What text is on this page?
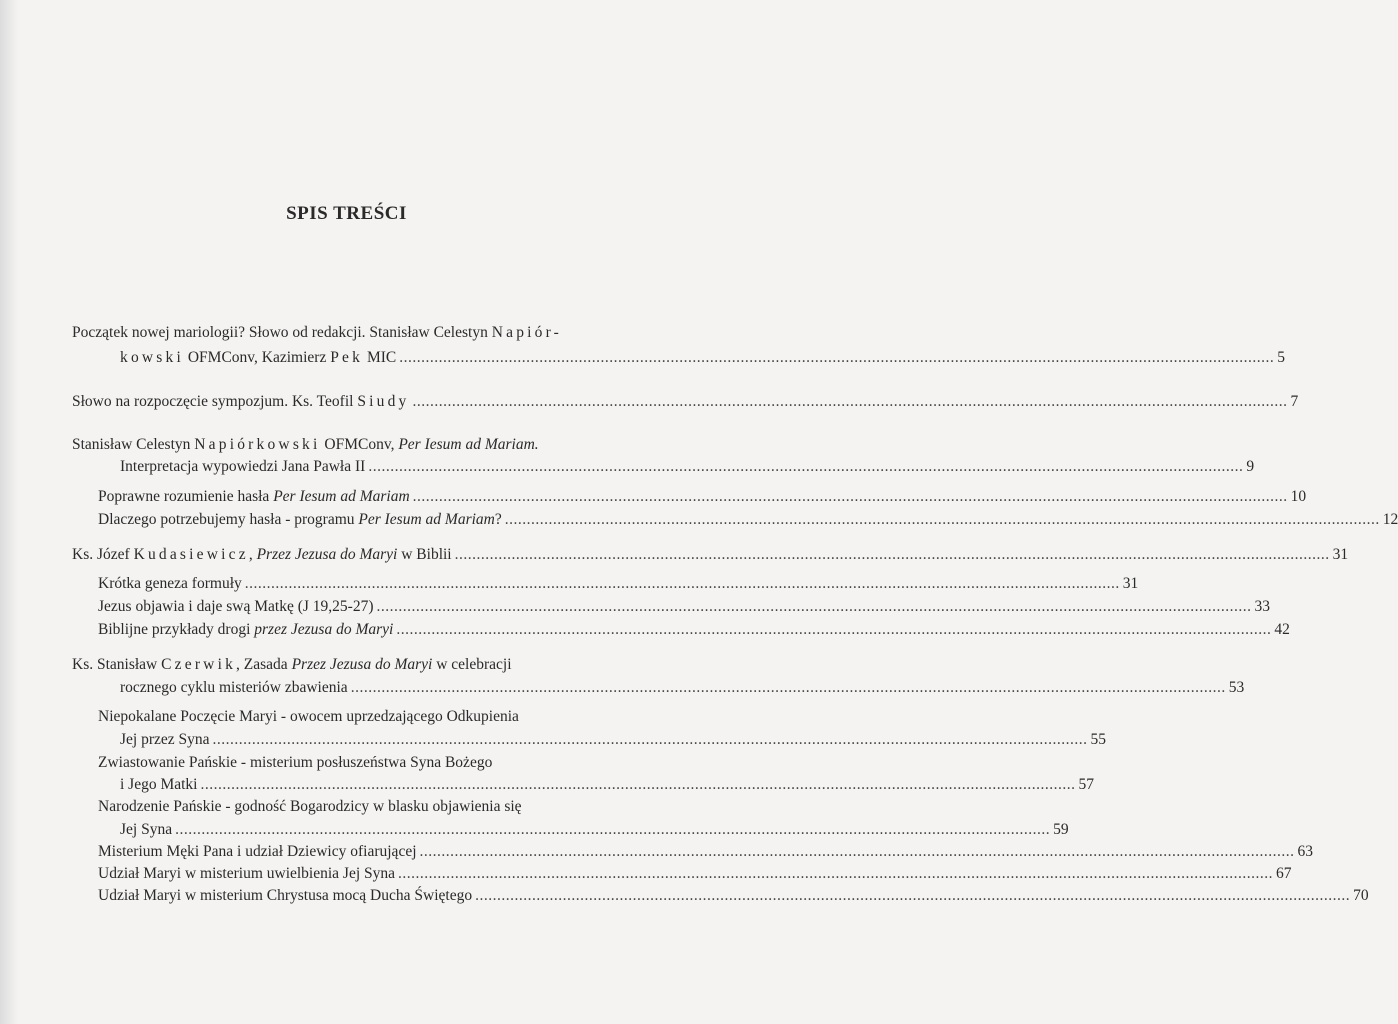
SPIS TREŚCI
Początek nowej mariologii? Słowo od redakcji. Stanisław Celestyn Napiór-
kowski OFMConv, Kazimierz Pek MIC ........................................................................................................................................................................................................ 5
Słowo na rozpoczęcie sympozjum. Ks. Teofil Siudy ........................................................................................................................................................................................................ 7
Stanisław Celestyn Napiórkowski OFMConv, Per Iesum ad Mariam.
Interpretacja wypowiedzi Jana Pawła II ........................................................................................................................................................................................................ 9
Poprawne rozumienie hasła Per Iesum ad Mariam ........................................................................................................................................................................................................ 10
Dlaczego potrzebujemy hasła - programu Per Iesum ad Mariam? ........................................................................................................................................................................................................ 12
Ks. Józef Kudasiewicz, Przez Jezusa do Maryi w Biblii ........................................................................................................................................................................................................ 31
Krótka geneza formuły ........................................................................................................................................................................................................ 31
Jezus objawia i daje swą Matkę (J 19,25-27) ........................................................................................................................................................................................................ 33
Biblijne przykłady drogi przez Jezusa do Maryi ........................................................................................................................................................................................................ 42
Ks. Stanisław Czerwik, Zasada Przez Jezusa do Maryi w celebracji
rocznego cyklu misteriów zbawienia ........................................................................................................................................................................................................ 53
Niepokalane Poczęcie Maryi - owocem uprzedzającego Odkupienia
Jej przez Syna ........................................................................................................................................................................................................ 55
Zwiastowanie Pańskie - misterium posłuszeństwa Syna Bożego
i Jego Matki ........................................................................................................................................................................................................ 57
Narodzenie Pańskie - godność Bogarodzicy w blasku objawienia się
Jej Syna ........................................................................................................................................................................................................ 59
Misterium Męki Pana i udział Dziewicy ofiarującej ........................................................................................................................................................................................................ 63
Udział Maryi w misterium uwielbienia Jej Syna ........................................................................................................................................................................................................ 67
Udział Maryi w misterium Chrystusa mocą Ducha Świętego ........................................................................................................................................................................................................ 70
